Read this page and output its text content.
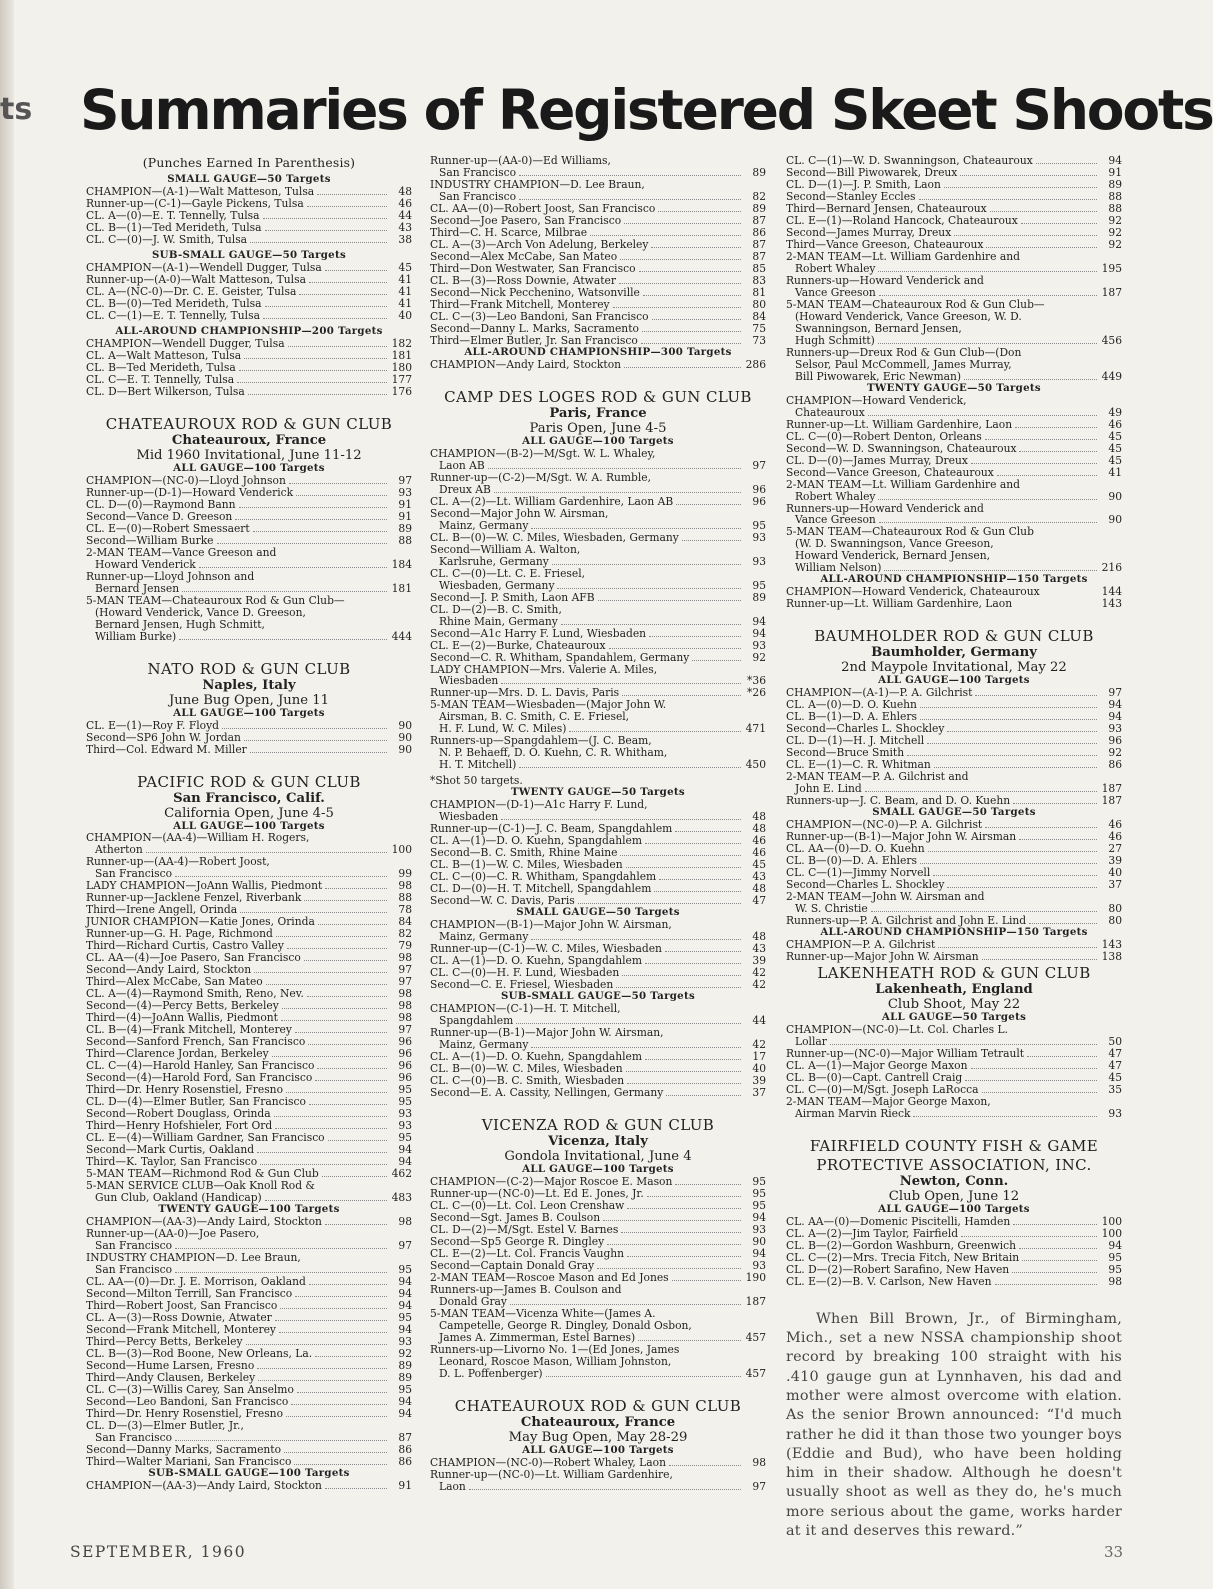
ts Summaries of Registered Skeet Shoots
(Punches Earned In Parenthesis)
SMALL GAUGE—50 Targets
CHAMPION—(A-1)—Walt Matteson, Tulsa	48
Runner-up—(C-1)—Gayle Pickens, Tulsa	46
CL. A—(0)—E. T. Tennelly, Tulsa	44
CL. B—(1)—Ted Merideth, Tulsa	43
CL. C—(0)—J. W. Smith, Tulsa	38
SUB-SMALL GAUGE—50 Targets
CHAMPION—(A-1)—Wendell Dugger, Tulsa	45
Runner-up—(A-0)—Walt Matteson, Tulsa	41
CL. A—(NC-0)—Dr. C. E. Geister, Tulsa	41
CL. B—(0)—Ted Merideth, Tulsa	41
CL. C—(1)—E. T. Tennelly, Tulsa	40
ALL-AROUND CHAMPIONSHIP—200 Targets
CHAMPION—Wendell Dugger, Tulsa	182
CL. A—Walt Matteson, Tulsa	181
CL. B—Ted Merideth, Tulsa	180
CL. C—E. T. Tennelly, Tulsa	177
CL. D—Bert Wilkerson, Tulsa	176
CHATEAUROUX ROD & GUN CLUB
Chateauroux, France
Mid 1960 Invitational, June 11-12
ALL GAUGE—100 Targets
CHAMPION—(NC-0)—Lloyd Johnson	97
Runner-up—(D-1)—Howard Venderick	93
CL. D—(0)—Raymond Bann	91
Second—Vance D. Greeson	91
CL. E—(0)—Robert Smessaert	89
Second—William Burke	88
2-MAN TEAM—Vance Greeson and
Howard Venderick	184
Runner-up—Lloyd Johnson and
Bernard Jensen	181
5-MAN TEAM—Chateauroux Rod & Gun Club—
(Howard Venderick, Vance D. Greeson,
Bernard Jensen, Hugh Schmitt,
William Burke)	444
NATO ROD & GUN CLUB
Naples, Italy
June Bug Open, June 11
ALL GAUGE—100 Targets
CL. E—(1)—Roy F. Floyd	90
Second—SP6 John W. Jordan	90
Third—Col. Edward M. Miller	90
PACIFIC ROD & GUN CLUB
San Francisco, Calif.
California Open, June 4-5
ALL GAUGE—100 Targets
CHAMPION—(AA-4)—William H. Rogers,
Atherton	100
Runner-up—(AA-4)—Robert Joost,
San Francisco	99
LADY CHAMPION—JoAnn Wallis, Piedmont	98
Runner-up—Jacklene Fenzel, Riverbank	88
Third—Irene Angell, Orinda	78
JUNIOR CHAMPION—Katie Jones, Orinda	84
Runner-up—G. H. Page, Richmond	82
Third—Richard Curtis, Castro Valley	79
CL. AA—(4)—Joe Pasero, San Francisco	98
Second—Andy Laird, Stockton	97
Third—Alex McCabe, San Mateo	97
CL. A—(4)—Raymond Smith, Reno, Nev.	98
Second—(4)—Percy Betts, Berkeley	98
Third—(4)—JoAnn Wallis, Piedmont	98
CL. B—(4)—Frank Mitchell, Monterey	97
Second—Sanford French, San Francisco	96
Third—Clarence Jordan, Berkeley	96
CL. C—(4)—Harold Hanley, San Francisco	96
Second—(4)—Harold Ford, San Francisco	96
Third—Dr. Henry Rosenstiel, Fresno	95
CL. D—(4)—Elmer Butler, San Francisco	95
Second—Robert Douglass, Orinda	93
Third—Henry Hofshieler, Fort Ord	93
CL. E—(4)—William Gardner, San Francisco	95
Second—Mark Curtis, Oakland	94
Third—K. Taylor, San Francisco	94
5-MAN TEAM—Richmond Rod & Gun Club	462
5-MAN SERVICE CLUB—Oak Knoll Rod &
Gun Club, Oakland (Handicap)	483
TWENTY GAUGE—100 Targets
CHAMPION—(AA-3)—Andy Laird, Stockton	98
Runner-up—(AA-0)—Joe Pasero,
San Francisco	97
INDUSTRY CHAMPION—D. Lee Braun,
San Francisco	95
CL. AA—(0)—Dr. J. E. Morrison, Oakland	94
Second—Milton Terrill, San Francisco	94
Third—Robert Joost, San Francisco	94
CL. A—(3)—Ross Downie, Atwater	95
Second—Frank Mitchell, Monterey	94
Third—Percy Betts, Berkeley	93
CL. B—(3)—Rod Boone, New Orleans, La.	92
Second—Hume Larsen, Fresno	89
Third—Andy Clausen, Berkeley	89
CL. C—(3)—Willis Carey, San Anselmo	95
Second—Leo Bandoni, San Francisco	94
Third—Dr. Henry Rosenstiel, Fresno	94
CL. D—(3)—Elmer Butler, Jr.,
San Francisco	87
Second—Danny Marks, Sacramento	86
Third—Walter Mariani, San Francisco	86
SUB-SMALL GAUGE—100 Targets
CHAMPION—(AA-3)—Andy Laird, Stockton	91
Runner-up—(AA-0)—Ed Williams,
San Francisco	89
INDUSTRY CHAMPION—D. Lee Braun,
San Francisco	82
CL. AA—(0)—Robert Joost, San Francisco	89
Second—Joe Pasero, San Francisco	87
Third—C. H. Scarce, Milbrae	86
CL. A—(3)—Arch Von Adelung, Berkeley	87
Second—Alex McCabe, San Mateo	87
Third—Don Westwater, San Francisco	85
CL. B—(3)—Ross Downie, Atwater	83
Second—Nick Pecchenino, Watsonville	81
Third—Frank Mitchell, Monterey	80
CL. C—(3)—Leo Bandoni, San Francisco	84
Second—Danny L. Marks, Sacramento	75
Third—Elmer Butler, Jr. San Francisco	73
ALL-AROUND CHAMPIONSHIP—300 Targets
CHAMPION—Andy Laird, Stockton	286
CAMP DES LOGES ROD & GUN CLUB
Paris, France
Paris Open, June 4-5
ALL GAUGE—100 Targets
CHAMPION—(B-2)—M/Sgt. W. L. Whaley,
Laon AB	97
Runner-up—(C-2)—M/Sgt. W. A. Rumble,
Dreux AB	96
CL. A—(2)—Lt. William Gardenhire, Laon AB	96
Second—Major John W. Airsman,
Mainz, Germany	95
CL. B—(0)—W. C. Miles, Wiesbaden, Germany	93
Second—William A. Walton,
Karlsruhe, Germany	93
CL. C—(0)—Lt. C. E. Friesel,
Wiesbaden, Germany	95
Second—J. P. Smith, Laon AFB	89
CL. D—(2)—B. C. Smith,
Rhine Main, Germany	94
Second—A1c Harry F. Lund, Wiesbaden	94
CL. E—(2)—Burke, Chateauroux	93
Second—C. R. Whitham, Spandahlem, Germany	92
LADY CHAMPION—Mrs. Valerie A. Miles,
Wiesbaden	*36
Runner-up—Mrs. D. L. Davis, Paris	*26
5-MAN TEAM—Wiesbaden—(Major John W.
Airsman, B. C. Smith, C. E. Friesel,
H. F. Lund, W. C. Miles)	471
Runners-up—Spangdahlem—(J. C. Beam,
N. P. Behaeff, D. O. Kuehn, C. R. Whitham,
H. T. Mitchell)	450
*Shot 50 targets.
TWENTY GAUGE—50 Targets
CHAMPION—(D-1)—A1c Harry F. Lund,
Wiesbaden	48
Runner-up—(C-1)—J. C. Beam, Spangdahlem	48
CL. A—(1)—D. O. Kuehn, Spangdahlem	46
Second—B. C. Smith, Rhine Maine	46
CL. B—(1)—W. C. Miles, Wiesbaden	45
CL. C—(0)—C. R. Whitham, Spangdahlem	43
CL. D—(0)—H. T. Mitchell, Spangdahlem	48
Second—W. C. Davis, Paris	47
SMALL GAUGE—50 Targets
CHAMPION—(B-1)—Major John W. Airsman,
Mainz, Germany	48
Runner-up—(C-1)—W. C. Miles, Wiesbaden	43
CL. A—(1)—D. O. Kuehn, Spangdahlem	39
CL. C—(0)—H. F. Lund, Wiesbaden	42
Second—C. E. Friesel, Wiesbaden	42
SUB-SMALL GAUGE—50 Targets
CHAMPION—(C-1)—H. T. Mitchell,
Spangdahlem	44
Runner-up—(B-1)—Major John W. Airsman,
Mainz, Germany	42
CL. A—(1)—D. O. Kuehn, Spangdahlem	17
CL. B—(0)—W. C. Miles, Wiesbaden	40
CL. C—(0)—B. C. Smith, Wiesbaden	39
Second—E. A. Cassity, Nellingen, Germany	37
VICENZA ROD & GUN CLUB
Vicenza, Italy
Gondola Invitational, June 4
ALL GAUGE—100 Targets
CHAMPION—(C-2)—Major Roscoe E. Mason	95
Runner-up—(NC-0)—Lt. Ed E. Jones, Jr.	95
CL. C—(0)—Lt. Col. Leon Crenshaw	95
Second—Sgt. James B. Coulson	94
CL. D—(2)—M/Sgt. Estel V. Barnes	93
Second—Sp5 George R. Dingley	90
CL. E—(2)—Lt. Col. Francis Vaughn	94
Second—Captain Donald Gray	93
2-MAN TEAM—Roscoe Mason and Ed Jones	190
Runners-up—James B. Coulson and
Donald Gray	187
5-MAN TEAM—Vicenza White—(James A.
Campetelle, George R. Dingley, Donald Osbon,
James A. Zimmerman, Estel Barnes)	457
Runners-up—Livorno No. 1—(Ed Jones, James
Leonard, Roscoe Mason, William Johnston,
D. L. Poffenberger)	457
CHATEAUROUX ROD & GUN CLUB
Chateauroux, France
May Bug Open, May 28-29
ALL GAUGE—100 Targets
CHAMPION—(NC-0)—Robert Whaley, Laon	98
Runner-up—(NC-0)—Lt. William Gardenhire,
Laon	97
CL. C—(1)—W. D. Swanningson, Chateauroux	94
Second—Bill Piwowarek, Dreux	91
CL. D—(1)—J. P. Smith, Laon	89
Second—Stanley Eccles	88
Third—Bernard Jensen, Chateauroux	88
CL. E—(1)—Roland Hancock, Chateauroux	92
Second—James Murray, Dreux	92
Third—Vance Greeson, Chateauroux	92
2-MAN TEAM—Lt. William Gardenhire and
Robert Whaley	195
Runners-up—Howard Venderick and
Vance Greeson	187
5-MAN TEAM—Chateauroux Rod & Gun Club—
(Howard Venderick, Vance Greeson, W. D.
Swanningson, Bernard Jensen,
Hugh Schmitt)	456
Runners-up—Dreux Rod & Gun Club—(Don
Selsor, Paul McCommell, James Murray,
Bill Piwowarek, Eric Newman)	449
TWENTY GAUGE—50 Targets
CHAMPION—Howard Venderick,
Chateauroux	49
Runner-up—Lt. William Gardenhire, Laon	46
CL. C—(0)—Robert Denton, Orleans	45
Second—W. D. Swanningson, Chateauroux	45
CL. D—(0)—James Murray, Dreux	45
Second—Vance Greeson, Chateauroux	41
2-MAN TEAM—Lt. William Gardenhire and
Robert Whaley	90
Runners-up—Howard Venderick and
Vance Greeson	90
5-MAN TEAM—Chateauroux Rod & Gun Club
(W. D. Swanningson, Vance Greeson,
Howard Venderick, Bernard Jensen,
William Nelson)	216
ALL-AROUND CHAMPIONSHIP—150 Targets
CHAMPION—Howard Venderick, Chateauroux	144
Runner-up—Lt. William Gardenhire, Laon	143
BAUMHOLDER ROD & GUN CLUB
Baumholder, Germany
2nd Maypole Invitational, May 22
ALL GAUGE—100 Targets
CHAMPION—(A-1)—P. A. Gilchrist	97
CL. A—(0)—D. O. Kuehn	94
CL. B—(1)—D. A. Ehlers	94
Second—Charles L. Shockley	93
CL. D—(1)—H. J. Mitchell	96
Second—Bruce Smith	92
CL. E—(1)—C. R. Whitman	86
2-MAN TEAM—P. A. Gilchrist and
John E. Lind	187
Runners-up—J. C. Beam, and D. O. Kuehn	187
SMALL GAUGE—50 Targets
CHAMPION—(NC-0)—P. A. Gilchrist	46
Runner-up—(B-1)—Major John W. Airsman	46
CL. AA—(0)—D. O. Kuehn	27
CL. B—(0)—D. A. Ehlers	39
CL. C—(1)—Jimmy Norvell	40
Second—Charles L. Shockley	37
2-MAN TEAM—John W. Airsman and
W. S. Christie	80
Runners-up—P. A. Gilchrist and John E. Lind	80
ALL-AROUND CHAMPIONSHIP—150 Targets
CHAMPION—P. A. Gilchrist	143
Runner-up—Major John W. Airsman	138
LAKENHEATH ROD & GUN CLUB
Lakenheath, England
Club Shoot, May 22
ALL GAUGE—50 Targets
CHAMPION—(NC-0)—Lt. Col. Charles L.
Lollar	50
Runner-up—(NC-0)—Major William Tetrault	47
CL. A—(1)—Major George Maxon	47
CL. B—(0)—Capt. Cantrell Craig	45
CL. C—(0)—M/Sgt. Joseph LaRocca	35
2-MAN TEAM—Major George Maxon,
Airman Marvin Rieck	93
FAIRFIELD COUNTY FISH & GAME
PROTECTIVE ASSOCIATION, INC.
Newton, Conn.
Club Open, June 12
ALL GAUGE—100 Targets
CL. AA—(0)—Domenic Piscitelli, Hamden	100
CL. A—(2)—Jim Taylor, Fairfield	100
CL. B—(2)—Gordon Washburn, Greenwich	94
CL. C—(2)—Mrs. Trecia Fitch, New Britain	95
CL. D—(2)—Robert Sarafino, New Haven	95
CL. E—(2)—B. V. Carlson, New Haven	98

When Bill Brown, Jr., of Birmingham, Mich., set a new NSSA championship shoot record by breaking 100 straight with his .410 gauge gun at Lynnhaven, his dad and mother were almost overcome with elation. As the senior Brown announced: “I'd much rather he did it than those two younger boys (Eddie and Bud), who have been holding him in their shadow. Although he doesn't usually shoot as well as they do, he's much more serious about the game, works harder at it and deserves this reward.”

SEPTEMBER, 1960	33
